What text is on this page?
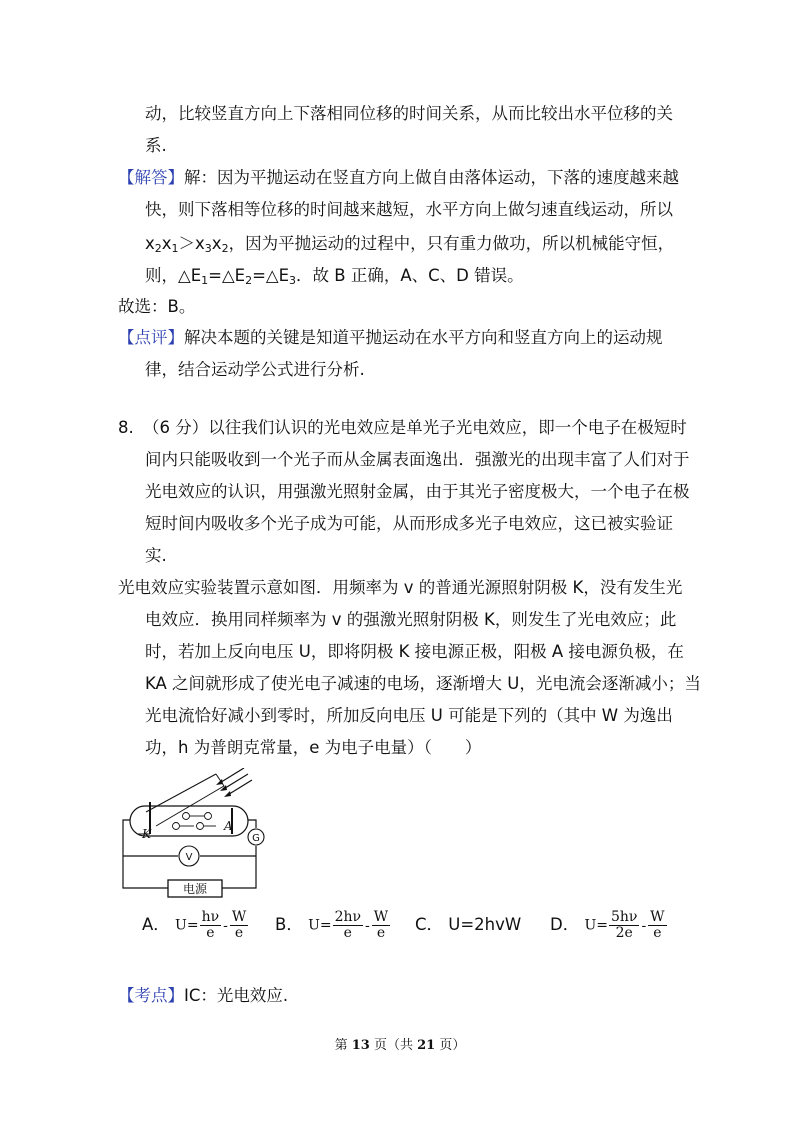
动，比较竖直方向上下落相同位移的时间关系，从而比较出水平位移的关
系.
【解答】解：因为平抛运动在竖直方向上做自由落体运动，下落的速度越来越
快，则下落相等位移的时间越来越短，水平方向上做匀速直线运动，所以
$x_2￼x_1>x_3￼x_2$，因为平抛运动的过程中，只有重力做功，所以机械能守恒，
则，$\triangle E_1=\triangle E_2=\triangle E_3$．故 B 正确，A、C、D 错误。
故选：B。
【点评】解决本题的关键是知道平抛运动在水平方向和竖直方向上的运动规
律，结合运动学公式进行分析.
8. （6 分）以往我们认识的光电效应是单光子光电效应，即一个电子在极短时
间内只能吸收到一个光子而从金属表面逸出．强激光的出现丰富了人们对于
光电效应的认识，用强激光照射金属，由于其光子密度极大，一个电子在极
短时间内吸收多个光子成为可能，从而形成多光子电效应，这已被实验证
实.
光电效应实验装置示意如图．用频率为 v 的普通光源照射阴极 K，没有发生光
电效应．换用同样频率为 v 的强激光照射阴极 K，则发生了光电效应；此
时，若加上反向电压 U，即将阴极 K 接电源正极，阳极 A 接电源负极，在
KA 之间就形成了使光电子减速的电场，逐渐增大 U，光电流会逐渐减小；当
光电流恰好减小到零时，所加反向电压 U 可能是下列的（其中 W 为逸出
功，h 为普朗克常量，e 为电子电量）（　　）
K
A
G
V
电源
A． $U= \frac{h\nu}{e} - \frac{W}{e}$ B． $U= \frac{2h\nu}{e} - \frac{W}{e}$ C． U=2hv￼W D． $U= \frac{5h\nu}{2e} - \frac{W}{e}$
【考点】IC：光电效应.
第 13 页（共 21 页）
